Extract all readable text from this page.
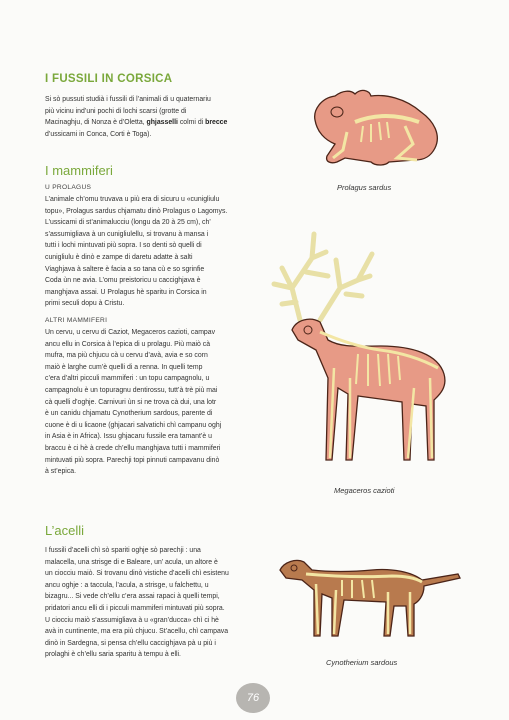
I FUSSILI IN CORSICA
Si sò pussuti studià i fussili di l’animali di u quaternariu
più vicinu ind’uni pochi di lochi scarsi (grotte di
Macinaghju, di Nonza è d’Oletta, ghjasselli colmi di brecce
d’ussicami in Conca, Corti è Toga).
I mammiferi
U PROLAGUS
L’animale ch’omu truvava u più era di sicuru u «cunigliulu
topu», Prolagus sardus chjamatu dinò Prolagus o Lagomys.
L’ussicami di st’animalucciu (longu da 20 à 25 cm), ch’
s’assumigliava à un cunigliulellu, si trovanu à mansa i
tutti i lochi mintuvati più sopra. I so denti sò quelli di
cunigliulu è dinò e zampe di daretu adatte à salti
Viaghjava à saltere è facia a so tana cù e so sgrinfie
Coda ùn ne avia. L’omu preistoricu u caccighjava è
manghjava assai. U Prolagus hè sparitu in Corsica in
primi seculi dopu à Cristu.
ALTRI MAMMIFERI
Un cervu, u cervu di Caziot, Megaceros cazioti, campav
ancu ellu in Corsica à l’epica di u prolagu. Più maiò cà
mufra, ma più chjucu cà u cervu d’avà, avia e so corn
maiò è larghe cum’è quelli di a renna. In quelli temp
c’era d’altri picculi mammiferi : un topu campagnolu, u
campagnolu è un topuragnu dentirossu, tutt’à trè più mai
cà quelli d’oghje. Carnivuri ùn si ne trova cà dui, una lotr
è un canidu chjamatu Cynotherium sardous, parente di
cuone è di u licaone (ghjacari salvatichi chì campanu oghj
in Asia è in Africa). Issu ghjacaru fussile era tamant’è u
braccu è ci hè à crede ch’ellu manghjava tutti i mammiferi
mintuvati più sopra. Parechji topi pinnuti campavanu dinò
à st’epica.
L’acelli
I fussili d’acelli chì sò spariti oghje sò parechji : una
malacella, una strisge di e Baleare, un’ acula, un altore è
un ciocciu maiò. Si trovanu dinò vistiche d’acelli chì esistenu
ancu oghje : a taccula, l’acula, a strisge, u falchettu, u
bizagru... Si vede ch’ellu c’era assai rapaci à quelli tempi,
pridatori ancu elli di i picculi mammiferi mintuvati più sopra.
U ciocciu maiò s’assumigliava à u «gran’ducca» chì ci hè
avà in cuntinente, ma era più chjucu. St’acellu, chì campava
dinò in Sardegna, si pensa ch’ellu caccighjava pà u più i
prolaghi è ch’ellu saria sparitu à tempu à elli.
Prolagus sardus
Megaceros cazioti
Cynotherium sardous
76
